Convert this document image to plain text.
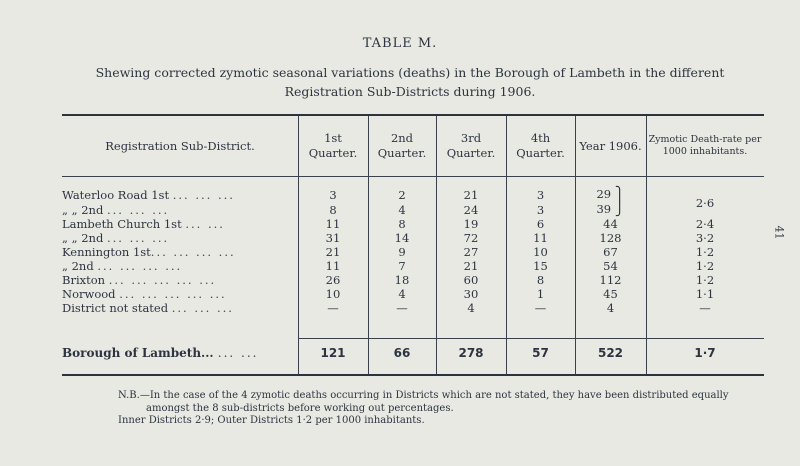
TABLE M.
Shewing corrected zymotic seasonal variations (deaths) in the Borough of Lambeth in the different Registration Sub-Districts during 1906.
41
Registration Sub-District.	1st Quarter.	2nd Quarter.	3rd Quarter.	4th Quarter.	Year 1906.	Zymotic Death-rate per 1000 inhabitants.

Waterloo Road 1st ... ... ...	3	2	21	3	29 ⎫	
„ „ 2nd ... ... ...	8	4	24	3	39 ⎭	2·6
Lambeth Church 1st ... ...	11	8	19	6	44	2·4
„ „ 2nd ... ... ...	31	14	72	11	128	3·2
Kennington 1st... ... ... ...	21	9	27	10	67	1·2
„ 2nd ... ... ... ...	11	7	21	15	54	1·2
Brixton ... ... ... ... ...	26	18	60	8	112	1·2
Norwood ... ... ... ... ...	10	4	30	1	45	1·1
District not stated ... ... ...	—	—	4	—	4	—

Borough of Lambeth... ... ...	121	66	278	57	522	1·7

N.B.—In the case of the 4 zymotic deaths occurring in Districts which are not stated, they have been distributed equally

amongst the 8 sub-districts before working out percentages.

Inner Districts 2·9; Outer Districts 1·2 per 1000 inhabitants.
